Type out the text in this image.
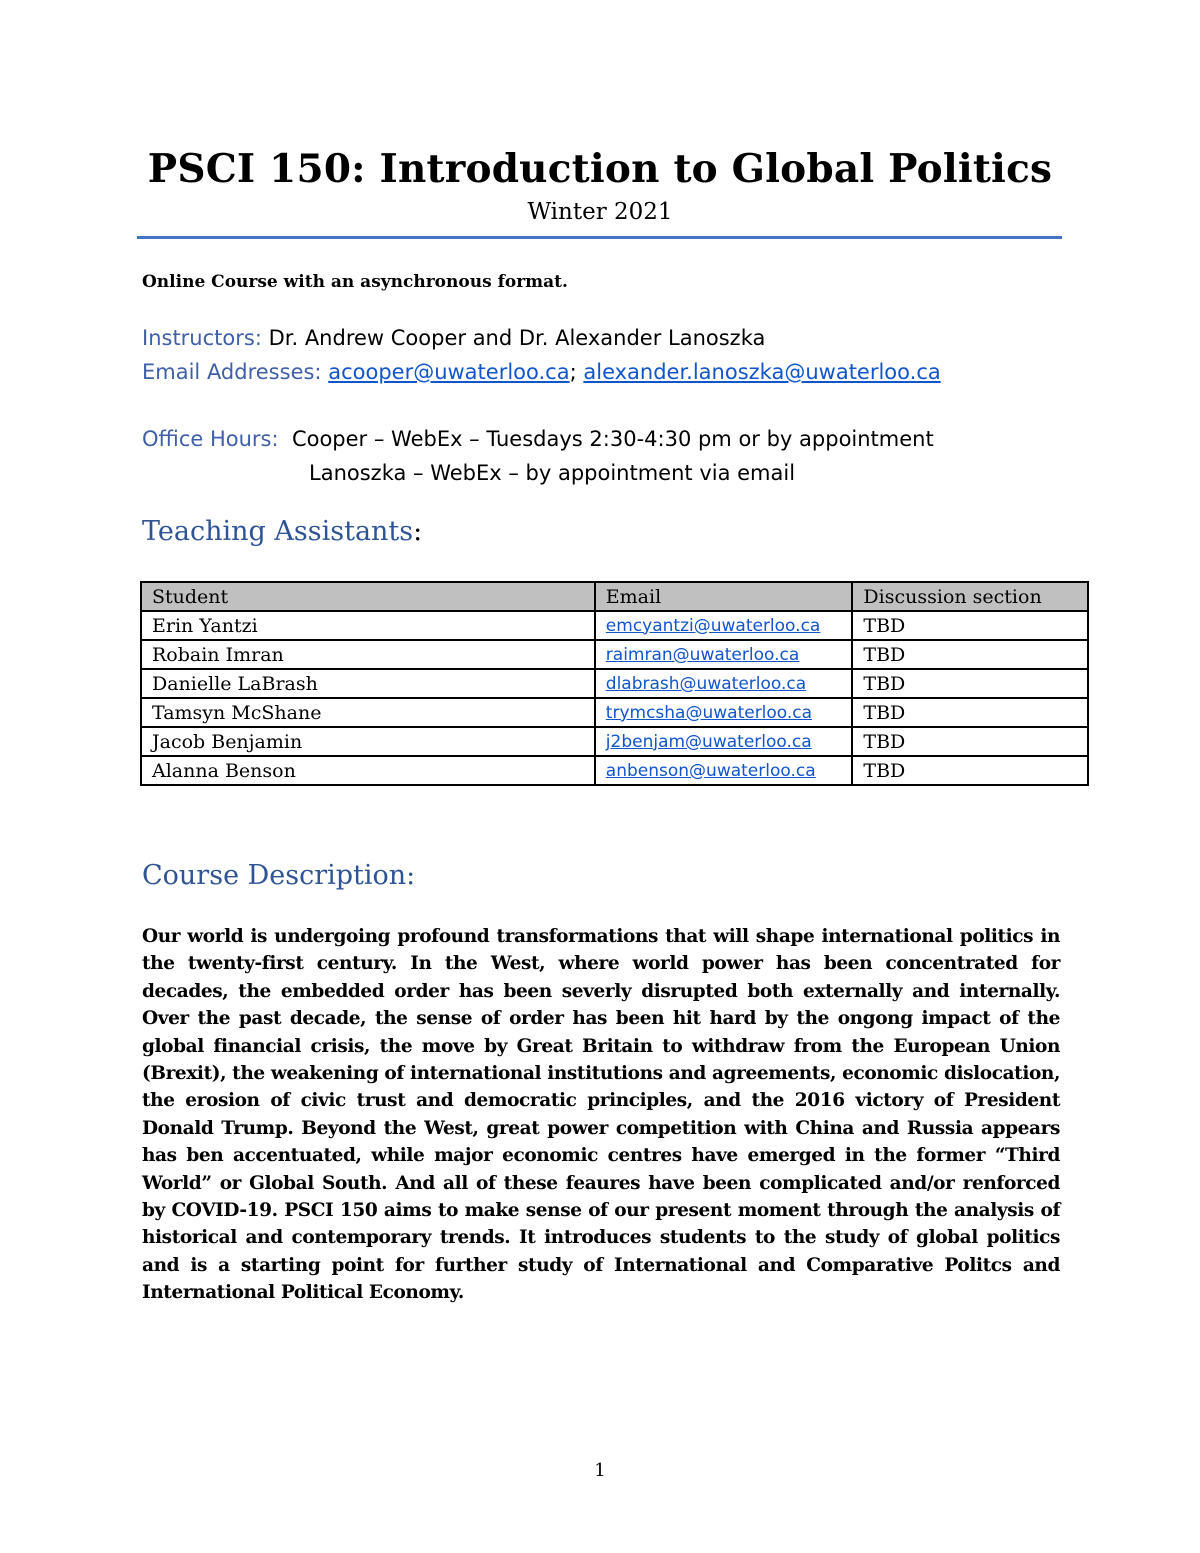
PSCI 150: Introduction to Global Politics
Winter 2021
Online Course with an asynchronous format.
Instructors: Dr. Andrew Cooper and Dr. Alexander Lanoszka
Email Addresses: acooper@uwaterloo.ca; alexander.lanoszka@uwaterloo.ca
Office Hours: Cooper – WebEx – Tuesdays 2:30-4:30 pm or by appointment
Lanoszka – WebEx – by appointment via email
Teaching Assistants:
Student	Email	Discussion section
Erin Yantzi	emcyantzi@uwaterloo.ca	TBD
Robain Imran	raimran@uwaterloo.ca	TBD
Danielle LaBrash	dlabrash@uwaterloo.ca	TBD
Tamsyn McShane	trymcsha@uwaterloo.ca	TBD
Jacob Benjamin	j2benjam@uwaterloo.ca	TBD
Alanna Benson	anbenson@uwaterloo.ca	TBD
Course Description:
Our world is undergoing profound transformations that will shape international politics in the twenty-first century. In the West, where world power has been concentrated for decades, the embedded order has been severly disrupted both externally and internally. Over the past decade, the sense of order has been hit hard by the ongong impact of the global financial crisis, the move by Great Britain to withdraw from the European Union (Brexit), the weakening of international institutions and agreements, economic dislocation, the erosion of civic trust and democratic principles, and the 2016 victory of President Donald Trump. Beyond the West, great power competition with China and Russia appears has ben accentuated, while major economic centres have emerged in the former “Third World” or Global South. And all of these feaures have been complicated and/or renforced by COVID-19. PSCI 150 aims to make sense of our present moment through the analysis of historical and contemporary trends. It introduces students to the study of global politics and is a starting point for further study of International and Comparative Politcs and International Political Economy.
1
